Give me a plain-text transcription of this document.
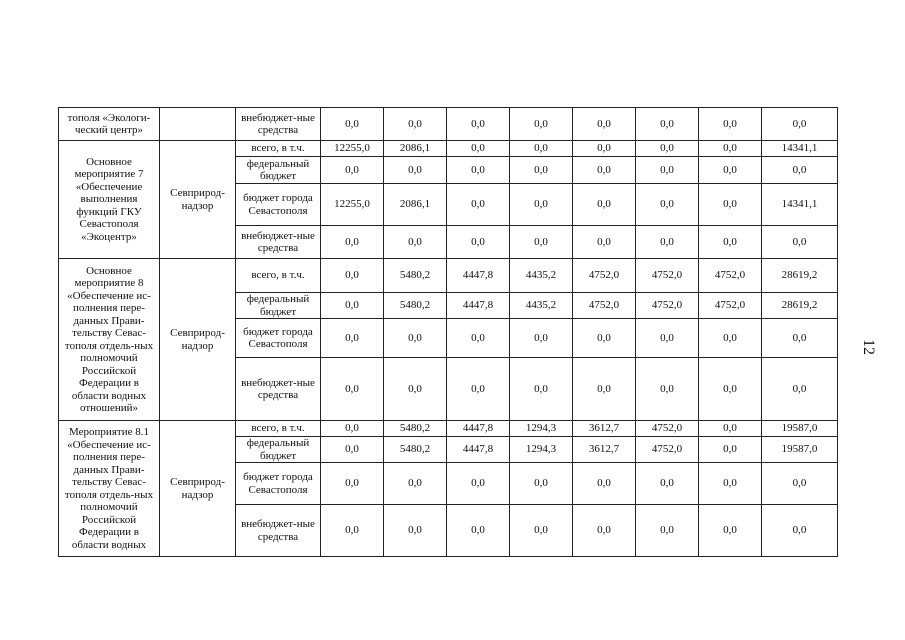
тополя «Экологи-ческий центр»		внебюджет-ные средства	0,0	0,0	0,0	0,0	0,0	0,0	0,0	0,0
Основное мероприятие 7 «Обеспечение выполнения функций ГКУ Севастополя «Экоцентр»	Севприрод-надзор	всего, в т.ч.	12255,0	2086,1	0,0	0,0	0,0	0,0	0,0	14341,1
		федеральный бюджет	0,0	0,0	0,0	0,0	0,0	0,0	0,0	0,0
		бюджет города Севастополя	12255,0	2086,1	0,0	0,0	0,0	0,0	0,0	14341,1
		внебюджет-ные средства	0,0	0,0	0,0	0,0	0,0	0,0	0,0	0,0
Основное мероприятие 8 «Обеспечение ис-полнения пере-данных Прави-тельству Севас-тополя отдель-ных полномочий Российской Федерации в области водных отношений»	Севприрод-надзор	всего, в т.ч.	0,0	5480,2	4447,8	4435,2	4752,0	4752,0	4752,0	28619,2
		федеральный бюджет	0,0	5480,2	4447,8	4435,2	4752,0	4752,0	4752,0	28619,2
		бюджет города Севастополя	0,0	0,0	0,0	0,0	0,0	0,0	0,0	0,0
		внебюджет-ные средства	0,0	0,0	0,0	0,0	0,0	0,0	0,0	0,0
Мероприятие 8.1 «Обеспечение ис-полнения пере-данных Прави-тельству Севас-тополя отдель-ных полномочий Российской Федерации в области водных	Севприрод-надзор	всего, в т.ч.	0,0	5480,2	4447,8	1294,3	3612,7	4752,0	0,0	19587,0
		федеральный бюджет	0,0	5480,2	4447,8	1294,3	3612,7	4752,0	0,0	19587,0
		бюджет города Севастополя	0,0	0,0	0,0	0,0	0,0	0,0	0,0	0,0
		внебюджет-ные средства	0,0	0,0	0,0	0,0	0,0	0,0	0,0	0,0
12
